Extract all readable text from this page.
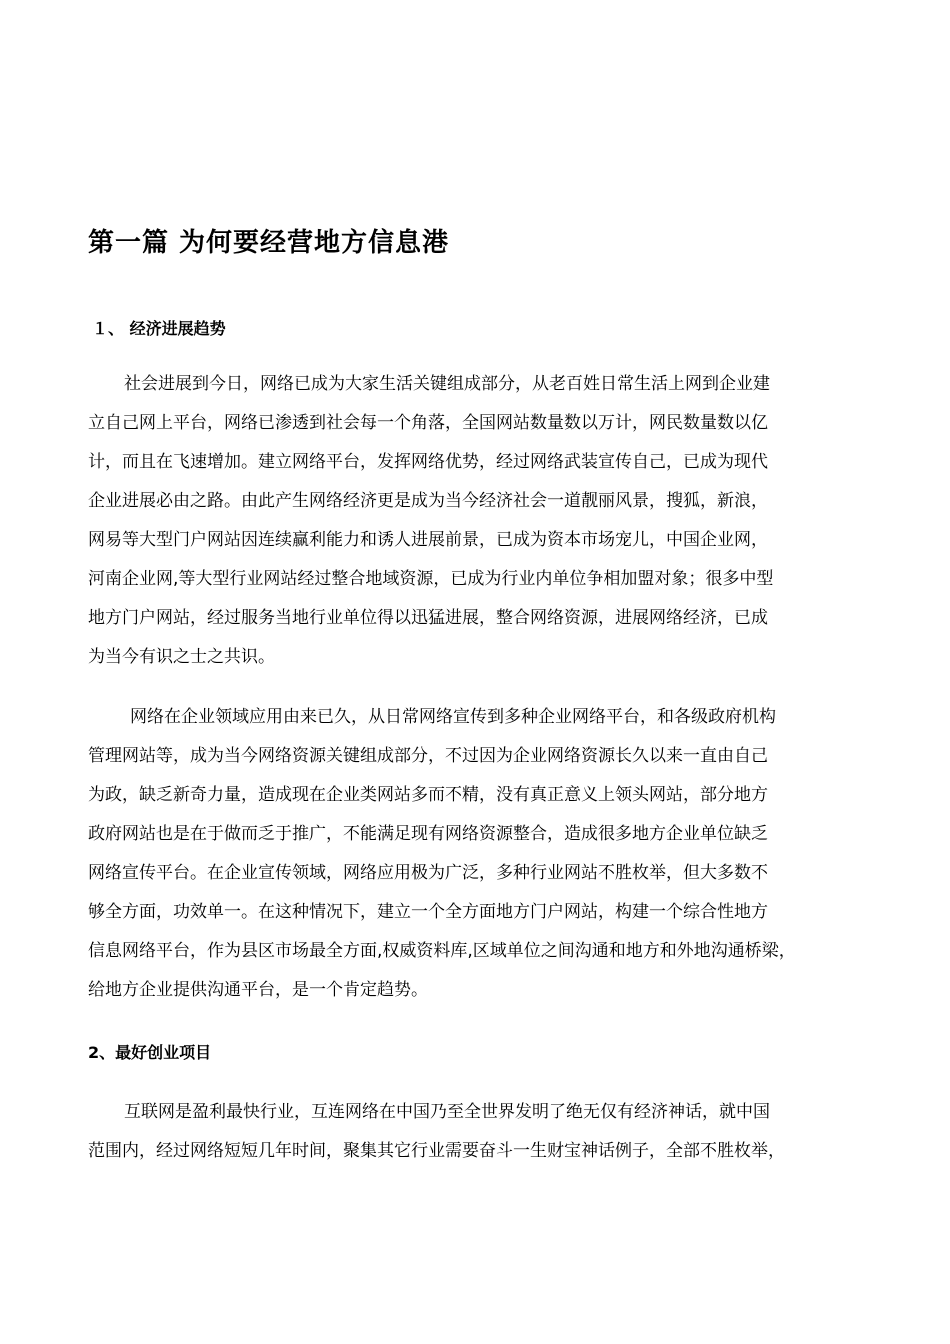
第一篇 为何要经营地方信息港
１、 经济进展趋势
社会进展到今日，网络已成为大家生活关键组成部分，从老百姓日常生活上网到企业建
立自己网上平台，网络已渗透到社会每一个角落，全国网站数量数以万计，网民数量数以亿
计，而且在飞速增加。建立网络平台，发挥网络优势，经过网络武装宣传自己，已成为现代
企业进展必由之路。由此产生网络经济更是成为当今经济社会一道靓丽风景，搜狐，新浪，
网易等大型门户网站因连续赢利能力和诱人进展前景，已成为资本市场宠儿，中国企业网，
河南企业网,等大型行业网站经过整合地域资源，已成为行业内单位争相加盟对象；很多中型
地方门户网站，经过服务当地行业单位得以迅猛进展，整合网络资源，进展网络经济，已成
为当今有识之士之共识。
网络在企业领域应用由来已久，从日常网络宣传到多种企业网络平台，和各级政府机构
管理网站等，成为当今网络资源关键组成部分，不过因为企业网络资源长久以来一直由自己
为政，缺乏新奇力量，造成现在企业类网站多而不精，没有真正意义上领头网站，部分地方
政府网站也是在于做而乏于推广，不能满足现有网络资源整合，造成很多地方企业单位缺乏
网络宣传平台。在企业宣传领域，网络应用极为广泛，多种行业网站不胜枚举，但大多数不
够全方面，功效单一。在这种情况下，建立一个全方面地方门户网站，构建一个综合性地方
信息网络平台，作为县区市场最全方面,权威资料库,区域单位之间沟通和地方和外地沟通桥梁，
给地方企业提供沟通平台，是一个肯定趋势。
2、最好创业项目
互联网是盈利最快行业，互连网络在中国乃至全世界发明了绝无仅有经济神话，就中国
范围内，经过网络短短几年时间，聚集其它行业需要奋斗一生财宝神话例子，全部不胜枚举，
